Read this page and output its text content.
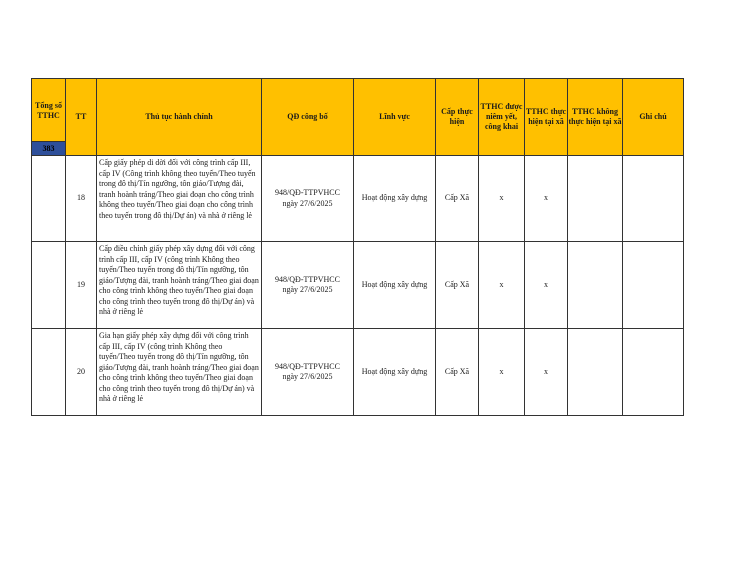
Tổng số TTHC	TT	Thủ tục hành chính	QĐ công bố	Lĩnh vực	Cấp thực hiện	TTHC được niêm yết, công khai	TTHC thực hiện tại xã	TTHC không thực hiện tại xã	Ghi chú
383									
	18	Cấp giấy phép di dời đối với công trình cấp III, cấp IV (Công trình không theo tuyến/Theo tuyến trong đô thị/Tín ngưỡng, tôn giáo/Tượng đài, tranh hoành tráng/Theo giai đoạn cho công trình không theo tuyến/Theo giai đoạn cho công trình theo tuyến trong đô thị/Dự án) và nhà ở riêng lẻ	948/QĐ-TTPVHCC
ngày 27/6/2025	Hoạt động xây dựng	Cấp Xã	x	x		
	19	Cấp điều chỉnh giấy phép xây dựng đối với công trình cấp III, cấp IV (công trình Không theo tuyến/Theo tuyến trong đô thị/Tín ngưỡng, tôn giáo/Tượng đài, tranh hoành tráng/Theo giai đoạn cho công trình không theo tuyến/Theo giai đoạn cho công trình theo tuyến trong đô thị/Dự án) và nhà ở riêng lẻ	948/QĐ-TTPVHCC
ngày 27/6/2025	Hoạt động xây dựng	Cấp Xã	x	x		
	20	Gia hạn giấy phép xây dựng đối với công trình cấp III, cấp IV (công trình Không theo tuyến/Theo tuyến trong đô thị/Tín ngưỡng, tôn giáo/Tượng đài, tranh hoành tráng/Theo giai đoạn cho công trình không theo tuyến/Theo giai đoạn cho công trình theo tuyến trong đô thị/Dự án) và nhà ở riêng lẻ	948/QĐ-TTPVHCC
ngày 27/6/2025	Hoạt động xây dựng	Cấp Xã	x	x		
